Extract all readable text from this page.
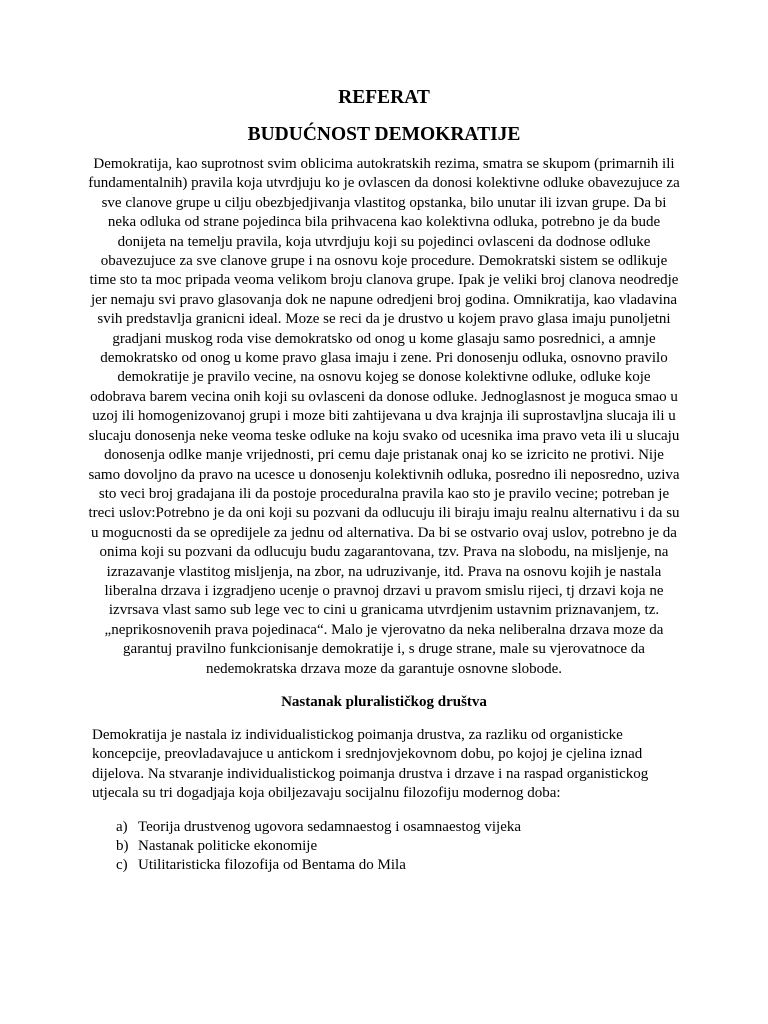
REFERAT
BUDUĆNOST DEMOKRATIJE

Demokratija, kao suprotnost svim oblicima autokratskih rezima, smatra se skupom (primarnih ili fundamentalnih) pravila koja utvrdjuju ko je ovlascen da donosi kolektivne odluke obavezujuce za sve clanove grupe u cilju obezbjedjivanja vlastitog opstanka, bilo unutar ili izvan grupe. Da bi neka odluka od strane pojedinca bila prihvacena kao kolektivna odluka, potrebno je da bude donijeta na temelju pravila, koja utvrdjuju koji su pojedinci ovlasceni da dodnose odluke obavezujuce za sve clanove grupe i na osnovu koje procedure. Demokratski sistem se odlikuje time sto ta moc pripada veoma velikom broju clanova grupe. Ipak je veliki broj clanova neodredje jer nemaju svi pravo glasovanja dok ne napune odredjeni broj godina. Omnikratija, kao vladavina svih predstavlja granicni ideal. Moze se reci da je drustvo u kojem pravo glasa imaju punoljetni gradjani muskog roda vise demokratsko od onog u kome glasaju samo posrednici, a amnje demokratsko od onog u kome pravo glasa imaju i zene. Pri donosenju odluka, osnovno pravilo demokratije je pravilo vecine, na osnovu kojeg se donose kolektivne odluke, odluke koje odobrava barem vecina onih koji su ovlasceni da donose odluke. Jednoglasnost je moguca smao u uzoj ili homogenizovanoj grupi i moze biti zahtijevana u dva krajnja ili suprostavljna slucaja ili u slucaju donosenja neke veoma teske odluke na koju svako od ucesnika ima pravo veta ili u slucaju donosenja odlke manje vrijednosti, pri cemu daje pristanak onaj ko se izricito ne protivi. Nije samo dovoljno da pravo na ucesce u donosenju kolektivnih odluka, posredno ili neposredno, uziva sto veci broj gradajana ili da postoje proceduralna pravila kao sto je pravilo vecine; potreban je treci uslov:Potrebno je da oni koji su pozvani da odlucuju ili biraju imaju realnu alternativu i da su u mogucnosti da se opredijele za jednu od alternativa. Da bi se ostvario ovaj uslov, potrebno je da onima koji su pozvani da odlucuju budu zagarantovana, tzv. Prava na slobodu, na misljenje, na izrazavanje vlastitog misljenja, na zbor, na udruzivanje, itd. Prava na osnovu kojih je nastala liberalna drzava i izgradjeno ucenje o pravnoj drzavi u pravom smislu rijeci, tj drzavi koja ne izvrsava vlast samo sub lege vec to cini u granicama utvrdjenim ustavnim priznavanjem, tz. „neprikosnovenih prava pojedinaca“. Malo je vjerovatno da neka neliberalna drzava moze da garantuj pravilno funkcionisanje demokratije i, s druge strane, male su vjerovatnoce da nedemokratska drzava moze da garantuje osnovne slobode.

Nastanak pluralističkog društva

Demokratija je nastala iz individualistickog poimanja drustva, za razliku od organisticke koncepcije, preovladavajuce u antickom i srednjovjekovnom dobu, po kojoj je cjelina iznad dijelova. Na stvaranje individualistickog poimanja drustva i drzave i na raspad organistickog utjecala su tri dogadjaja koja obiljezavaju socijalnu filozofiju modernog doba:

a) Teorija drustvenog ugovora sedamnaestog i osamnaestog vijeka
b) Nastanak politicke ekonomije
c) Utilitaristicka filozofija od Bentama do Mila
